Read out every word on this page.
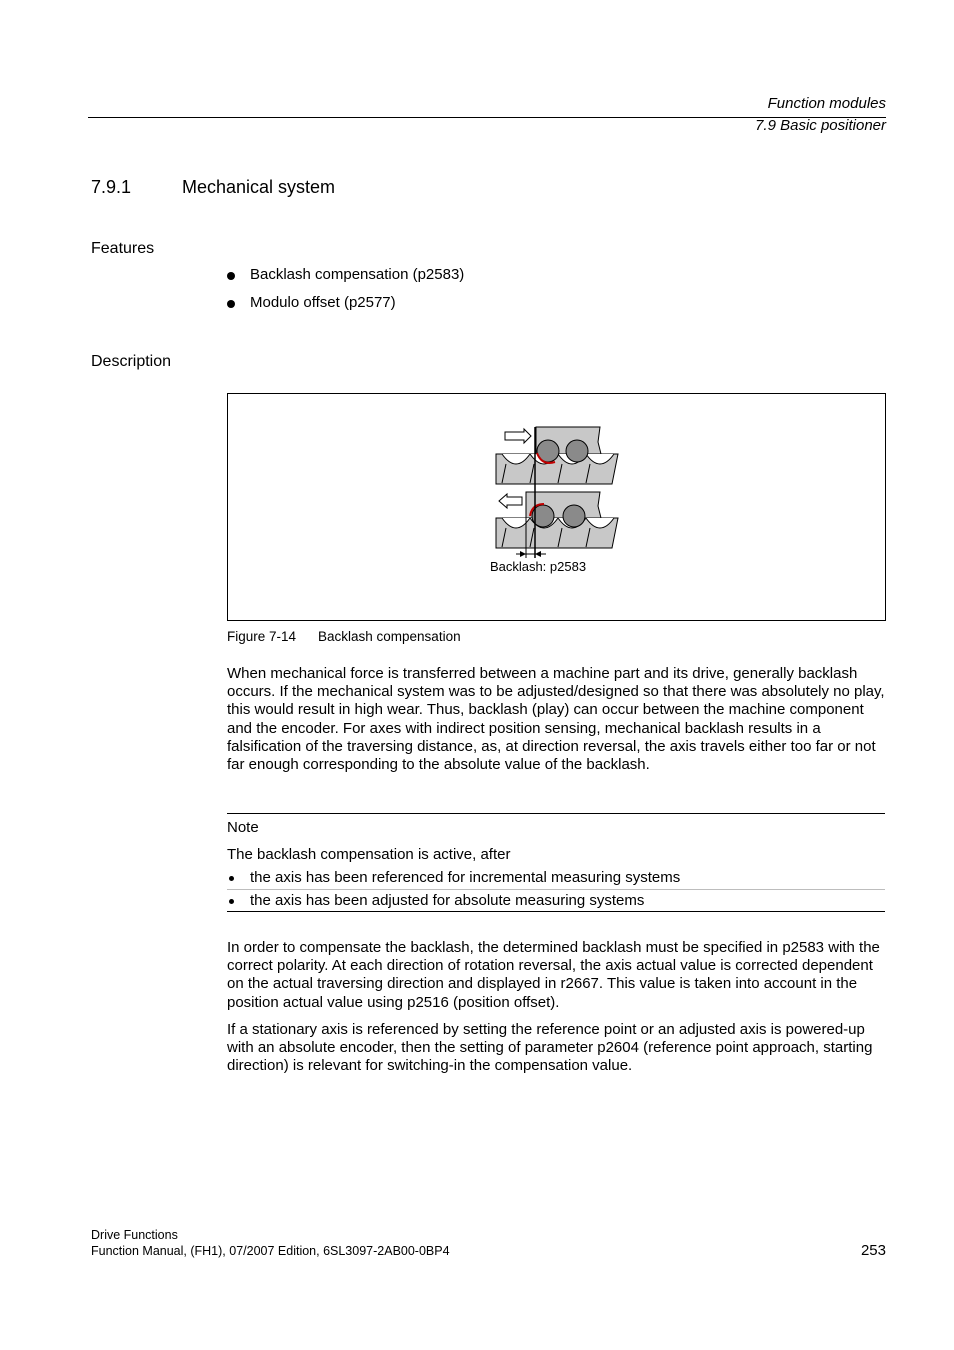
Function modules
7.9 Basic positioner
7.9.1	Mechanical system
Features
Backlash compensation (p2583)
Modulo offset (p2577)
Description
Backlash: p2583
Figure 7-14 Backlash compensation
When mechanical force is transferred between a machine part and its drive, generally backlash occurs. If the mechanical system was to be adjusted/designed so that there was absolutely no play, this would result in high wear. Thus, backlash (play) can occur between the machine component and the encoder. For axes with indirect position sensing, mechanical backlash results in a falsification of the traversing distance, as, at direction reversal, the axis travels either too far or not far enough corresponding to the absolute value of the backlash.
Note
The backlash compensation is active, after
the axis has been referenced for incremental measuring systems
the axis has been adjusted for absolute measuring systems
In order to compensate the backlash, the determined backlash must be specified in p2583 with the correct polarity. At each direction of rotation reversal, the axis actual value is corrected dependent on the actual traversing direction and displayed in r2667. This value is taken into account in the position actual value using p2516 (position offset).
If a stationary axis is referenced by setting the reference point or an adjusted axis is powered-up with an absolute encoder, then the setting of parameter p2604 (reference point approach, starting direction) is relevant for switching-in the compensation value.
Drive Functions
Function Manual, (FH1), 07/2007 Edition, 6SL3097-2AB00-0BP4	253
